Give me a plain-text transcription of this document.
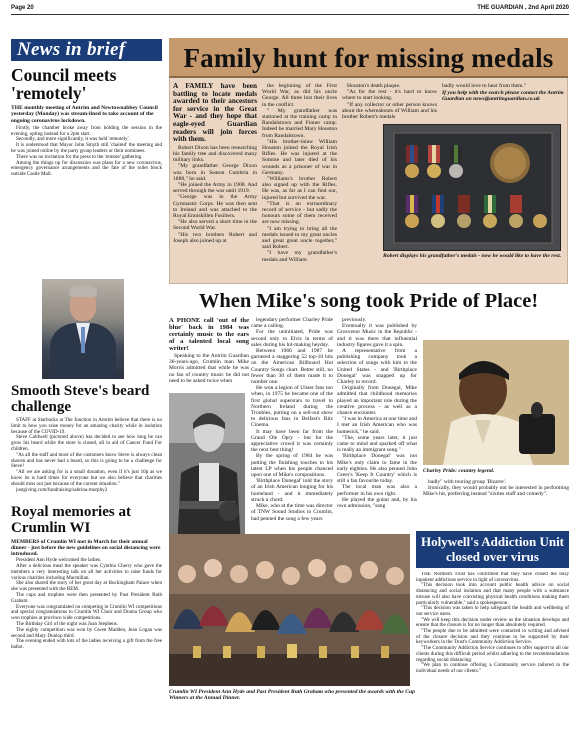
Page 20	THE GUARDIAN , 2nd April 2020
News in brief
Council meets 'remotely'
THE monthly meeting of Antrim and Newtownabbey Council yesterday (Monday) was stream-lined to take account of the ongoing coronavirus lockdown.

Firstly, the chamber broke away from holding the session in the evening, opting instead for a 2pm start.

Secondly, and more significantly, it was held 'remotely'.

It is understood that Mayor John Smyth still 'chaired' the meeting and he was joined online by the party group leaders or their nominees.

There was no invitation for the press to the 'remote' gathering.

Among the things up for discussion was plans for a new coronavirus, emergency governance arrangements and the fate of the toilet block outside Castle Mall.

Smooth Steve's beard challenge

STAFF at Starbucks at The Junction in Antrim believe that there is no limit to how you raise money for an amazing charity while in isolation because of the COVID-19.

Steve Caldwell (pictured above) has decided to see how long he can grow his beard while the store is closed, all in aid of Cancer Fund For children.

"As all the staff and most of the customers know Steve is always clean shaven and has never had a beard, so this is going to be a challenge for Steve!

"All we are asking for is a small donation, even if it's just 10p as we know its is hard times for everyone but we also believe that charities should miss out just because of the current situation."

justgiving.com/fundraising/sabrina-murphy2

Royal memories at Crumlin WI
MEMBERS of Crumlin WI met in March for their annual dinner - just before the new guidelines on social distancing were introduced.

President Ann Hyde welcomed the ladies.

After a delicious meal the speaker was Cynthia Cherry who gave the members a very interesting talk on all her activities to raise funds for various charities including Macmillan.

She also shared the story of her great day at Buckingham Palace when she was presented with the BEM.

The cups and trophies were then presented by Past President Ruth Graham.

Everyone was congratulated on competing in Crumlin WI competitions and special congratulations to Crumlin WI Choir and Drama Group who won trophies at province wide competitions.

The Birthday Girl of the night was Joan Stephens.

The eighty competition was won by Gwen Madden, Jean Logan was second and Mary Dunlop third.

The evening ended with lots of the ladies receiving a gift from the free ballot.

Family hunt for missing medals
A FAMILY have been battling to locate medals awarded to their ancestors for service in the Great War - and they hope that eagle-eyed Guardian readers will join forces with them.

Robert Dixon has been researching his family tree and discovered many military links.

"My grandfather George Dixon was born in Seaton Cumbria in 1888," he said.

"He joined the Army in 1908. And served through the war until 1919.

"George was in the Army Gymnastic Corps. He was then sent to Ireland and was attached to the Royal Enniskillen Fusiliers.

"He also served a short time in the Second World War.

"His two brothers Robert and Joseph also joined up at

the beginning of the First World War, as did his uncle George. All three lost their lives in the conflict.

" My grandfather was stationed at the training camp in Randalstown and Finner camp. Indeed he married Mary Houston from Randalstown.

"His brother-inlaw William Houston joined the Royal Irish Rifles. He was injured at the Somme and later died of his wounds as a prisoner of war in Germany.

"Williams's brother Robert also signed up with the Rifles. He was, as far as I can find out, injured but survived the war.

"That is an extraordinary record of service - but sadly the honours some of them received are now missing.

"I am trying to bring all the medals issued to my great uncles and great great uncle together," said Robert.

"I have my grandfather's medals and William

Houston's death plaque.

"As for the rest - it's hard to know where to start looking.

"If any collector or other person knows about the whereabouts of William and his brother Robert's medals

badly would love to hear from them."
If you help with the search please contact the Antrim Guardian on news@antrimguardian.co.uk
Robert displays his grandfather's medals - now he would like to have the rest.
When Mike's song took Pride of Place!
A PHONE call 'out of the blue' back in 1984 was certainly music to the ears of a talented local song writer!

Speaking to the Antrim Guardian 36-years-ago, Crumlin man Mike Morris admitted that while he was no fan of country music he did not need to be asked twice when

legendary performer Charley Pride came a calling.

For the uninitiated, Pride was second only to Elvis in terms of sales during his hit-making heyday.

Between 1966 and 1987 he garnered a staggering 52 top-10 hits on the American Billboard Hot Country Songs chart. Better still, no fewer than 30 of them made it to number one.

He won a legion of Ulster fans too when, in 1975 he became one of the first global superstars to travel to Northern Ireland during the Troubles, putting on a sell-out show to delirious fans in Belfast's Ritz Cinema.

It may have been far from the Grand Ole Opry - but for the appreciative crowd it was certainly the next best thing!

By the spring of 1984 he was putting the finishing touches to his latest LP when his people chanced upon one of Mike's compositions.

'Birthplace Donegal' told the story of an Irish American longing for his homeland - and it immediately struck a chord.

Mike, who at the time was director of TNW Sound Studios in Crumlin, had penned the song a few years

previously.

Eventually it was published by Grosvenor Music in the Republic - and it was there that influential industry figures gave it a spin.

A representative from a publishing company took a selection of songs with him to the United States - and 'Birthplace Donegal' was snapped up for Charley to record.

Originally from Donegal, Mike admitted that childhood memories played an important role during the creative process - as well as a chance encounter.

"I was in America at one time and I met an Irish American who was homesick," he said.

"The, some years later, it just came to mind and sparked off what is really an immigrant song."

'Birthplace Donegal' was not Mike's only claim to fame in the early eighties. He also penned John Greer's 'Keep It Country' which is still a fan favourite today.

The local man was also a performer in his own right.

He played the guitar and, by his own admission, "sang

Charley Pride: country legend.

badly" with touring group 'Bizarre'.

Ironically, they would probably not be interested in performing Mike's hit, preferring instead "sixties stuff and comedy".

Crumlin WI President Ann Hyde and Past President Ruth Graham who presented the awards with the Cup Winners at the Annual Dinner.
Holywell's Addiction Unit closed over virus

THE Northern Trust has confirmed that they have closed the busy inpatient addictions service in light of coronavirus.

"This decision took into account public health advice on social distancing and social isolation and that many people with a substance misuse will also have coexisting physical health conditions making them particularly vulnerable," said a spokesperson.

"This decision was taken to help safeguard the health and wellbeing of our service users.

"We will keep this decision under review as the situation develops and ensure that the closure is for no longer than absolutely required.

"The people due to be admitted were contacted in writing and advised of the closure decision and they continue to be supported by their keyworkers in the Trust's Community Addiction Service.

"The Community Addiction Service continues to offer support to all our clients during this difficult period whilst adhering to the recommendations regarding social distancing.

"We plan to continue offering a Community service tailored to the individual needs of our clients."
